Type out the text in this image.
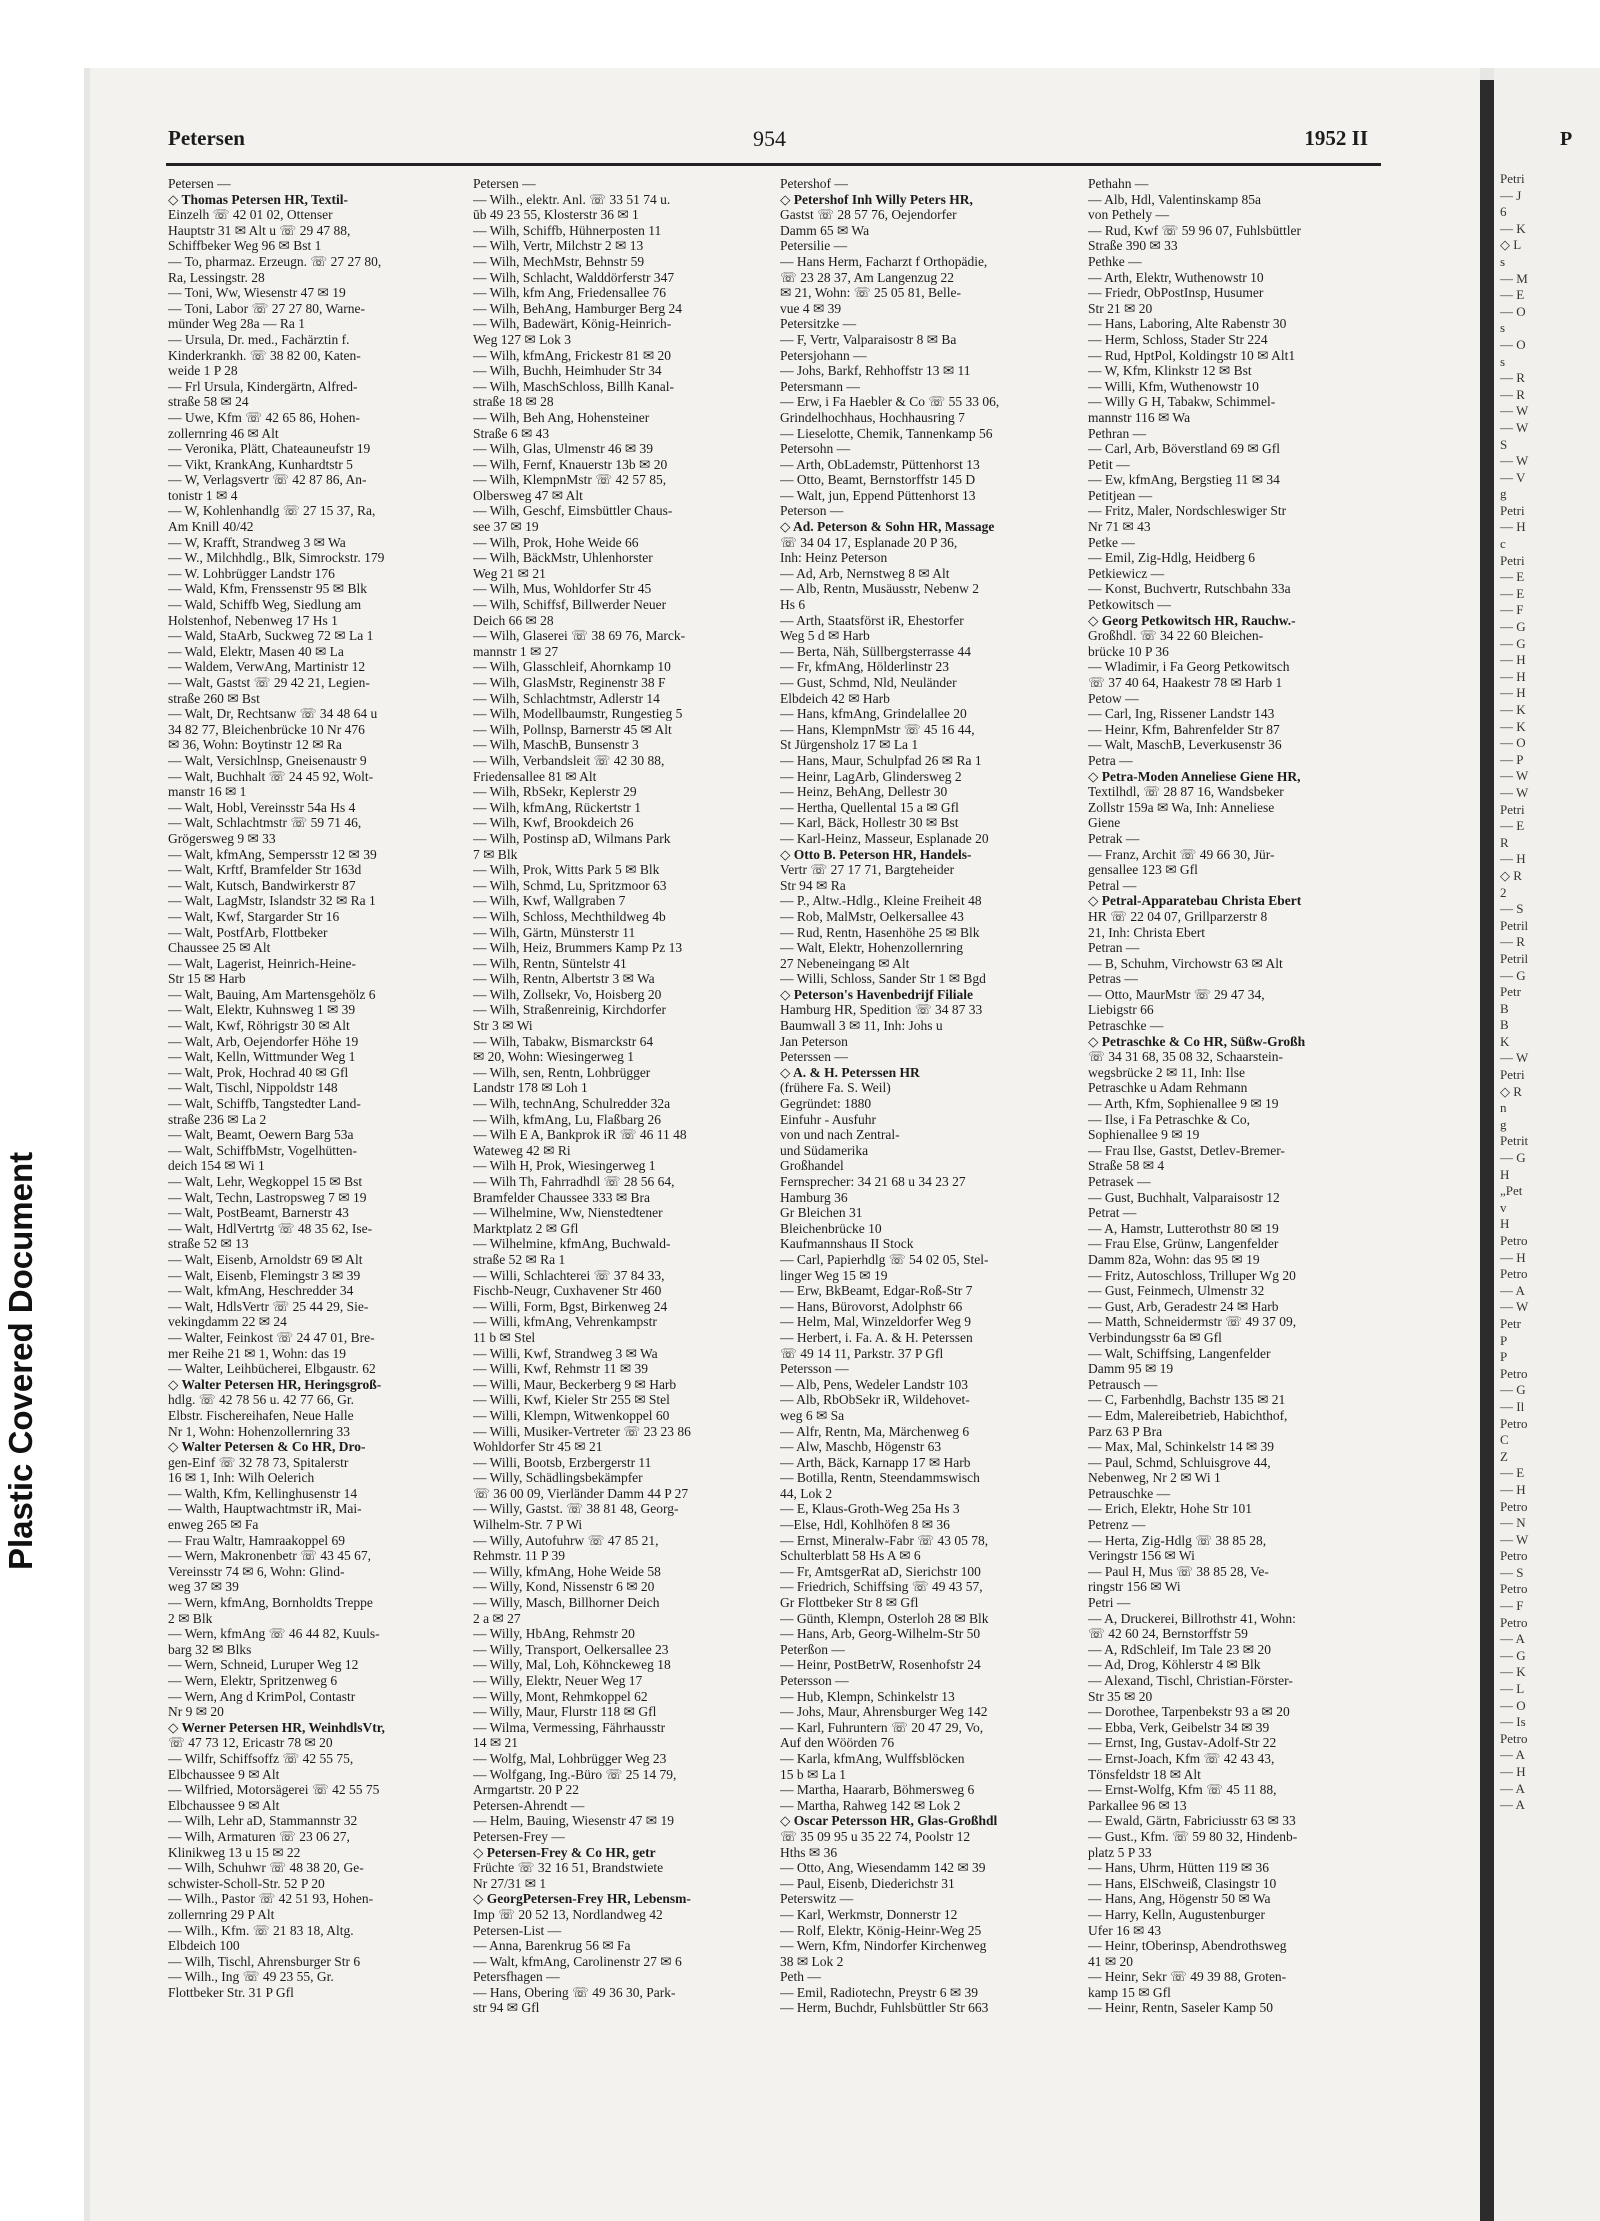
Plastic Covered Document
P
Petri
— J
6
— K
◇ L
s
— M
— E
— O
s
— O
s
— R
— R
— W
— W
S
— W
— V
g
Petri
— H
c
Petri
— E
— E
— F
— G
— G
— H
— H
— H
— K
— K
— O
— P
— W
— W
Petri
— E
R
— H
◇ R
2
— S
Petril
— R
Petril
— G
Petr
B
B
K
— W
Petri
◇ R
n
g
Petrit
— G
H
„Pet
v
H
Petro
— H
Petro
— A
— W
Petr
P
P
Petro
— G
— Il
Petro
C
Z
— E
— H
Petro
— N
— W
Petro
— S
Petro
— F
Petro
— A
— G
— K
— L
— O
— Is
Petro
— A
— H
— A
— A
Petersen	954	1952 II
Petersen —
◇ Thomas Petersen HR, Textil-
Einzelh ☏ 42 01 02, Ottenser
Hauptstr 31 ✉ Alt u ☏ 29 47 88,
Schiffbeker Weg 96 ✉ Bst 1
— To, pharmaz. Erzeugn. ☏ 27 27 80,
Ra, Lessingstr. 28
— Toni, Ww, Wiesenstr 47 ✉ 19
— Toni, Labor ☏ 27 27 80, Warne-
münder Weg 28a — Ra 1
— Ursula, Dr. med., Fachärztin f.
Kinderkrankh. ☏ 38 82 00, Katen-
weide 1 P 28
— Frl Ursula, Kindergärtn, Alfred-
straße 58 ✉ 24
— Uwe, Kfm ☏ 42 65 86, Hohen-
zollernring 46 ✉ Alt
— Veronika, Plätt, Chateauneufstr 19
— Vikt, KrankAng, Kunhardtstr 5
— W, Verlagsvertr ☏ 42 87 86, An-
tonistr 1 ✉ 4
— W, Kohlenhandlg ☏ 27 15 37, Ra,
Am Knill 40/42
— W, Krafft, Strandweg 3 ✉ Wa
— W., Milchhdlg., Blk, Simrockstr. 179
— W. Lohbrügger Landstr 176
— Wald, Kfm, Frenssenstr 95 ✉ Blk
— Wald, Schiffb Weg, Siedlung am
Holstenhof, Nebenweg 17 Hs 1
— Wald, StaArb, Suckweg 72 ✉ La 1
— Wald, Elektr, Masen 40 ✉ La
— Waldem, VerwAng, Martinistr 12
— Walt, Gastst ☏ 29 42 21, Legien-
straße 260 ✉ Bst
— Walt, Dr, Rechtsanw ☏ 34 48 64 u
34 82 77, Bleichenbrücke 10 Nr 476
✉ 36, Wohn: Boytinstr 12 ✉ Ra
— Walt, Versichlnsp, Gneisenaustr 9
— Walt, Buchhalt ☏ 24 45 92, Wolt-
manstr 16 ✉ 1
— Walt, Hobl, Vereinsstr 54a Hs 4
— Walt, Schlachtmstr ☏ 59 71 46,
Grögersweg 9 ✉ 33
— Walt, kfmAng, Sempersstr 12 ✉ 39
— Walt, Krftf, Bramfelder Str 163d
— Walt, Kutsch, Bandwirkerstr 87
— Walt, LagMstr, Islandstr 32 ✉ Ra 1
— Walt, Kwf, Stargarder Str 16
— Walt, PostfArb, Flottbeker
Chaussee 25 ✉ Alt
— Walt, Lagerist, Heinrich-Heine-
Str 15 ✉ Harb
— Walt, Bauing, Am Martensgehölz 6
— Walt, Elektr, Kuhnsweg 1 ✉ 39
— Walt, Kwf, Röhrigstr 30 ✉ Alt
— Walt, Arb, Oejendorfer Höhe 19
— Walt, Kelln, Wittmunder Weg 1
— Walt, Prok, Hochrad 40 ✉ Gfl
— Walt, Tischl, Nippoldstr 148
— Walt, Schiffb, Tangstedter Land-
straße 236 ✉ La 2
— Walt, Beamt, Oewern Barg 53a
— Walt, SchiffbMstr, Vogelhütten-
deich 154 ✉ Wi 1
— Walt, Lehr, Wegkoppel 15 ✉ Bst
— Walt, Techn, Lastropsweg 7 ✉ 19
— Walt, PostBeamt, Barnerstr 43
— Walt, HdlVertrtg ☏ 48 35 62, Ise-
straße 52 ✉ 13
— Walt, Eisenb, Arnoldstr 69 ✉ Alt
— Walt, Eisenb, Flemingstr 3 ✉ 39
— Walt, kfmAng, Heschredder 34
— Walt, HdlsVertr ☏ 25 44 29, Sie-
vekingdamm 22 ✉ 24
— Walter, Feinkost ☏ 24 47 01, Bre-
mer Reihe 21 ✉ 1, Wohn: das 19
— Walter, Leihbücherei, Elbgaustr. 62
◇ Walter Petersen HR, Heringsgroß-
hdlg. ☏ 42 78 56 u. 42 77 66, Gr.
Elbstr. Fischereihafen, Neue Halle
Nr 1, Wohn: Hohenzollernring 33
◇ Walter Petersen & Co HR, Dro-
gen-Einf ☏ 32 78 73, Spitalerstr
16 ✉ 1, Inh: Wilh Oelerich
— Walth, Kfm, Kellinghusenstr 14
— Walth, Hauptwachtmstr iR, Mai-
enweg 265 ✉ Fa
— Frau Waltr, Hamraakoppel 69
— Wern, Makronenbetr ☏ 43 45 67,
Vereinsstr 74 ✉ 6, Wohn: Glind-
weg 37 ✉ 39
— Wern, kfmAng, Bornholdts Treppe
2 ✉ Blk
— Wern, kfmAng ☏ 46 44 82, Kuuls-
barg 32 ✉ Blks
— Wern, Schneid, Luruper Weg 12
— Wern, Elektr, Spritzenweg 6
— Wern, Ang d KrimPol, Contastr
Nr 9 ✉ 20
◇ Werner Petersen HR, WeinhdlsVtr,
☏ 47 73 12, Ericastr 78 ✉ 20
— Wilfr, Schiffsoffz ☏ 42 55 75,
Elbchaussee 9 ✉ Alt
— Wilfried, Motorsägerei ☏ 42 55 75
Elbchaussee 9 ✉ Alt
— Wilh, Lehr aD, Stammannstr 32
— Wilh, Armaturen ☏ 23 06 27,
Klinikweg 13 u 15 ✉ 22
— Wilh, Schuhwr ☏ 48 38 20, Ge-
schwister-Scholl-Str. 52 P 20
— Wilh., Pastor ☏ 42 51 93, Hohen-
zollernring 29 P Alt
— Wilh., Kfm. ☏ 21 83 18, Altg.
Elbdeich 100
— Wilh, Tischl, Ahrensburger Str 6
— Wilh., Ing ☏ 49 23 55, Gr.
Flottbeker Str. 31 P Gfl
Petersen —
— Wilh., elektr. Anl. ☏ 33 51 74 u.
ūb 49 23 55, Klosterstr 36 ✉ 1
— Wilh, Schiffb, Hühnerposten 11
— Wilh, Vertr, Milchstr 2 ✉ 13
— Wilh, MechMstr, Behnstr 59
— Wilh, Schlacht, Walddörferstr 347
— Wilh, kfm Ang, Friedensallee 76
— Wilh, BehAng, Hamburger Berg 24
— Wilh, Badewärt, König-Heinrich-
Weg 127 ✉ Lok 3
— Wilh, kfmAng, Frickestr 81 ✉ 20
— Wilh, Buchh, Heimhuder Str 34
— Wilh, MaschSchloss, Billh Kanal-
straße 18 ✉ 28
— Wilh, Beh Ang, Hohensteiner
Straße 6 ✉ 43
— Wilh, Glas, Ulmenstr 46 ✉ 39
— Wilh, Fernf, Knauerstr 13b ✉ 20
— Wilh, KlempnMstr ☏ 42 57 85,
Olbersweg 47 ✉ Alt
— Wilh, Geschf, Eimsbüttler Chaus-
see 37 ✉ 19
— Wilh, Prok, Hohe Weide 66
— Wilh, BäckMstr, Uhlenhorster
Weg 21 ✉ 21
— Wilh, Mus, Wohldorfer Str 45
— Wilh, Schiffsf, Billwerder Neuer
Deich 66 ✉ 28
— Wilh, Glaserei ☏ 38 69 76, Marck-
mannstr 1 ✉ 27
— Wilh, Glasschleif, Ahornkamp 10
— Wilh, GlasMstr, Reginenstr 38 F
— Wilh, Schlachtmstr, Adlerstr 14
— Wilh, Modellbaumstr, Rungestieg 5
— Wilh, Pollnsp, Barnerstr 45 ✉ Alt
— Wilh, MaschB, Bunsenstr 3
— Wilh, Verbandsleit ☏ 42 30 88,
Friedensallee 81 ✉ Alt
— Wilh, RbSekr, Keplerstr 29
— Wilh, kfmAng, Rückertstr 1
— Wilh, Kwf, Brookdeich 26
— Wilh, Postinsp aD, Wilmans Park
7 ✉ Blk
— Wilh, Prok, Witts Park 5 ✉ Blk
— Wilh, Schmd, Lu, Spritzmoor 63
— Wilh, Kwf, Wallgraben 7
— Wilh, Schloss, Mechthildweg 4b
— Wilh, Gärtn, Münsterstr 11
— Wilh, Heiz, Brummers Kamp Pz 13
— Wilh, Rentn, Süntelstr 41
— Wilh, Rentn, Albertstr 3 ✉ Wa
— Wilh, Zollsekr, Vo, Hoisberg 20
— Wilh, Straßenreinig, Kirchdorfer
Str 3 ✉ Wi
— Wilh, Tabakw, Bismarckstr 64
✉ 20, Wohn: Wiesingerweg 1
— Wilh, sen, Rentn, Lohbrügger
Landstr 178 ✉ Loh 1
— Wilh, technAng, Schulredder 32a
— Wilh, kfmAng, Lu, Flaßbarg 26
— Wilh E A, Bankprok iR ☏ 46 11 48
Wateweg 42 ✉ Ri
— Wilh H, Prok, Wiesingerweg 1
— Wilh Th, Fahrradhdl ☏ 28 56 64,
Bramfelder Chaussee 333 ✉ Bra
— Wilhelmine, Ww, Nienstedtener
Marktplatz 2 ✉ Gfl
— Wilhelmine, kfmAng, Buchwald-
straße 52 ✉ Ra 1
— Willi, Schlachterei ☏ 37 84 33,
Fischb-Neugr, Cuxhavener Str 460
— Willi, Form, Bgst, Birkenweg 24
— Willi, kfmAng, Vehrenkampstr
11 b ✉ Stel
— Willi, Kwf, Strandweg 3 ✉ Wa
— Willi, Kwf, Rehmstr 11 ✉ 39
— Willi, Maur, Beckerberg 9 ✉ Harb
— Willi, Kwf, Kieler Str 255 ✉ Stel
— Willi, Klempn, Witwenkoppel 60
— Willi, Musiker-Vertreter ☏ 23 23 86
Wohldorfer Str 45 ✉ 21
— Willi, Bootsb, Erzbergerstr 11
— Willy, Schädlingsbekämpfer
☏ 36 00 09, Vierländer Damm 44 P 27
— Willy, Gastst. ☏ 38 81 48, Georg-
Wilhelm-Str. 7 P Wi
— Willy, Autofuhrw ☏ 47 85 21,
Rehmstr. 11 P 39
— Willy, kfmAng, Hohe Weide 58
— Willy, Kond, Nissenstr 6 ✉ 20
— Willy, Masch, Billhorner Deich
2 a ✉ 27
— Willy, HbAng, Rehmstr 20
— Willy, Transport, Oelkersallee 23
— Willy, Mal, Loh, Köhnckeweg 18
— Willy, Elektr, Neuer Weg 17
— Willy, Mont, Rehmkoppel 62
— Willy, Maur, Flurstr 118 ✉ Gfl
— Wilma, Vermessing, Fährhausstr
14 ✉ 21
— Wolfg, Mal, Lohbrügger Weg 23
— Wolfgang, Ing.-Büro ☏ 25 14 79,
Armgartstr. 20 P 22
Petersen-Ahrendt —
— Helm, Bauing, Wiesenstr 47 ✉ 19
Petersen-Frey —
◇ Petersen-Frey & Co HR, getr
Früchte ☏ 32 16 51, Brandstwiete
Nr 27/31 ✉ 1
◇ GeorgPetersen-Frey HR, Lebensm-
Imp ☏ 20 52 13, Nordlandweg 42
Petersen-List —
— Anna, Barenkrug 56 ✉ Fa
— Walt, kfmAng, Carolinenstr 27 ✉ 6
Petersfhagen —
— Hans, Obering ☏ 49 36 30, Park-
str 94 ✉ Gfl
Petershof —
◇ Petershof Inh Willy Peters HR,
Gastst ☏ 28 57 76, Oejendorfer
Damm 65 ✉ Wa
Petersilie —
— Hans Herm, Facharzt f Orthopädie,
☏ 23 28 37, Am Langenzug 22
✉ 21, Wohn: ☏ 25 05 81, Belle-
vue 4 ✉ 39
Petersitzke —
— F, Vertr, Valparaisostr 8 ✉ Ba
Petersjohann —
— Johs, Barkf, Rehhoffstr 13 ✉ 11
Petersmann —
— Erw, i Fa Haebler & Co ☏ 55 33 06,
Grindelhochhaus, Hochhausring 7
— Lieselotte, Chemik, Tannenkamp 56
Petersohn —
— Arth, ObLademstr, Püttenhorst 13
— Otto, Beamt, Bernstorffstr 145 D
— Walt, jun, Eppend Püttenhorst 13
Peterson —
◇ Ad. Peterson & Sohn HR, Massage
☏ 34 04 17, Esplanade 20 P 36,
Inh: Heinz Peterson
— Ad, Arb, Nernstweg 8 ✉ Alt
— Alb, Rentn, Musäusstr, Nebenw 2
Hs 6
— Arth, Staatsförst iR, Ehestorfer
Weg 5 d ✉ Harb
— Berta, Näh, Süllbergsterrasse 44
— Fr, kfmAng, Hölderlinstr 23
— Gust, Schmd, Nld, Neuländer
Elbdeich 42 ✉ Harb
— Hans, kfmAng, Grindelallee 20
— Hans, KlempnMstr ☏ 45 16 44,
St Jürgensholz 17 ✉ La 1
— Hans, Maur, Schulpfad 26 ✉ Ra 1
— Heinr, LagArb, Glindersweg 2
— Heinz, BehAng, Dellestr 30
— Hertha, Quellental 15 a ✉ Gfl
— Karl, Bäck, Hollestr 30 ✉ Bst
— Karl-Heinz, Masseur, Esplanade 20
◇ Otto B. Peterson HR, Handels-
Vertr ☏ 27 17 71, Bargteheider
Str 94 ✉ Ra
— P., Altw.-Hdlg., Kleine Freiheit 48
— Rob, MalMstr, Oelkersallee 43
— Rud, Rentn, Hasenhöhe 25 ✉ Blk
— Walt, Elektr, Hohenzollernring
27 Nebeneingang ✉ Alt
— Willi, Schloss, Sander Str 1 ✉ Bgd
◇ Peterson's Havenbedrijf Filiale
Hamburg HR, Spedition ☏ 34 87 33
Baumwall 3 ✉ 11, Inh: Johs u
Jan Peterson
Peterssen —
◇ A. & H. Peterssen HR
(frühere Fa. S. Weil)
Gegründet: 1880
Einfuhr - Ausfuhr
von und nach Zentral-
und Südamerika
Großhandel
Fernsprecher: 34 21 68 u 34 23 27
Hamburg 36
Gr Bleichen 31
Bleichenbrücke 10
Kaufmannshaus II Stock
— Carl, Papierhdlg ☏ 54 02 05, Stel-
linger Weg 15 ✉ 19
— Erw, BkBeamt, Edgar-Roß-Str 7
— Hans, Bürovorst, Adolphstr 66
— Helm, Mal, Winzeldorfer Weg 9
— Herbert, i. Fa. A. & H. Peterssen
☏ 49 14 11, Parkstr. 37 P Gfl
Petersson —
— Alb, Pens, Wedeler Landstr 103
— Alb, RbObSekr iR, Wildehovet-
weg 6 ✉ Sa
— Alfr, Rentn, Ma, Märchenweg 6
— Alw, Maschb, Högenstr 63
— Arth, Bäck, Karnapp 17 ✉ Harb
— Botilla, Rentn, Steendammswisch
44, Lok 2
— E, Klaus-Groth-Weg 25a Hs 3
—Else, Hdl, Kohlhöfen 8 ✉ 36
— Ernst, Mineralw-Fabr ☏ 43 05 78,
Schulterblatt 58 Hs A ✉ 6
— Fr, AmtsgerRat aD, Sierichstr 100
— Friedrich, Schiffsing ☏ 49 43 57,
Gr Flottbeker Str 8 ✉ Gfl
— Günth, Klempn, Osterloh 28 ✉ Blk
— Hans, Arb, Georg-Wilhelm-Str 50
Peterßon —
— Heinr, PostBetrW, Rosenhofstr 24
Petersson —
— Hub, Klempn, Schinkelstr 13
— Johs, Maur, Ahrensburger Weg 142
— Karl, Fuhruntern ☏ 20 47 29, Vo,
Auf den Wöörden 76
— Karla, kfmAng, Wulffsblöcken
15 b ✉ La 1
— Martha, Haararb, Böhmersweg 6
— Martha, Rahweg 142 ✉ Lok 2
◇ Oscar Petersson HR, Glas-Großhdl
☏ 35 09 95 u 35 22 74, Poolstr 12
Hths ✉ 36
— Otto, Ang, Wiesendamm 142 ✉ 39
— Paul, Eisenb, Diederichstr 31
Peterswitz —
— Karl, Werkmstr, Donnerstr 12
— Rolf, Elektr, König-Heinr-Weg 25
— Wern, Kfm, Nindorfer Kirchenweg
38 ✉ Lok 2
Peth —
— Emil, Radiotechn, Preystr 6 ✉ 39
— Herm, Buchdr, Fuhlsbüttler Str 663
Pethahn —
— Alb, Hdl, Valentinskamp 85a
von Pethely —
— Rud, Kwf ☏ 59 96 07, Fuhlsbüttler
Straße 390 ✉ 33
Pethke —
— Arth, Elektr, Wuthenowstr 10
— Friedr, ObPostInsp, Husumer
Str 21 ✉ 20
— Hans, Laboring, Alte Rabenstr 30
— Herm, Schloss, Stader Str 224
— Rud, HptPol, Koldingstr 10 ✉ Alt1
— W, Kfm, Klinkstr 12 ✉ Bst
— Willi, Kfm, Wuthenowstr 10
— Willy G H, Tabakw, Schimmel-
mannstr 116 ✉ Wa
Pethran —
— Carl, Arb, Böverstland 69 ✉ Gfl
Petit —
— Ew, kfmAng, Bergstieg 11 ✉ 34
Petitjean —
— Fritz, Maler, Nordschleswiger Str
Nr 71 ✉ 43
Petke —
— Emil, Zig-Hdlg, Heidberg 6
Petkiewicz —
— Konst, Buchvertr, Rutschbahn 33a
Petkowitsch —
◇ Georg Petkowitsch HR, Rauchw.-
Großhdl. ☏ 34 22 60 Bleichen-
brücke 10 P 36
— Wladimir, i Fa Georg Petkowitsch
☏ 37 40 64, Haakestr 78 ✉ Harb 1
Petow —
— Carl, Ing, Rissener Landstr 143
— Heinr, Kfm, Bahrenfelder Str 87
— Walt, MaschB, Leverkusenstr 36
Petra —
◇ Petra-Moden Anneliese Giene HR,
Textilhdl, ☏ 28 87 16, Wandsbeker
Zollstr 159a ✉ Wa, Inh: Anneliese
Giene
Petrak —
— Franz, Archit ☏ 49 66 30, Jür-
gensallee 123 ✉ Gfl
Petral —
◇ Petral-Apparatebau Christa Ebert
HR ☏ 22 04 07, Grillparzerstr 8
21, Inh: Christa Ebert
Petran —
— B, Schuhm, Virchowstr 63 ✉ Alt
Petras —
— Otto, MaurMstr ☏ 29 47 34,
Liebigstr 66
Petraschke —
◇ Petraschke & Co HR, Süßw-Großh
☏ 34 31 68, 35 08 32, Schaarstein-
wegsbrücke 2 ✉ 11, Inh: Ilse
Petraschke u Adam Rehmann
— Arth, Kfm, Sophienallee 9 ✉ 19
— Ilse, i Fa Petraschke & Co,
Sophienallee 9 ✉ 19
— Frau Ilse, Gastst, Detlev-Bremer-
Straße 58 ✉ 4
Petrasek —
— Gust, Buchhalt, Valparaisostr 12
Petrat —
— A, Hamstr, Lutterothstr 80 ✉ 19
— Frau Else, Grünw, Langenfelder
Damm 82a, Wohn: das 95 ✉ 19
— Fritz, Autoschloss, Trilluper Wg 20
— Gust, Feinmech, Ulmenstr 32
— Gust, Arb, Geradestr 24 ✉ Harb
— Matth, Schneidermstr ☏ 49 37 09,
Verbindungsstr 6a ✉ Gfl
— Walt, Schiffsing, Langenfelder
Damm 95 ✉ 19
Petrausch —
— C, Farbenhdlg, Bachstr 135 ✉ 21
— Edm, Malereibetrieb, Habichthof,
Parz 63 P Bra
— Max, Mal, Schinkelstr 14 ✉ 39
— Paul, Schmd, Schluisgrove 44,
Nebenweg, Nr 2 ✉ Wi 1
Petrauschke —
— Erich, Elektr, Hohe Str 101
Petrenz —
— Herta, Zig-Hdlg ☏ 38 85 28,
Veringstr 156 ✉ Wi
— Paul H, Mus ☏ 38 85 28, Ve-
ringstr 156 ✉ Wi
Petri —
— A, Druckerei, Billrothstr 41, Wohn:
☏ 42 60 24, Bernstorffstr 59
— A, RdSchleif, Im Tale 23 ✉ 20
— Ad, Drog, Köhlerstr 4 ✉ Blk
— Alexand, Tischl, Christian-Förster-
Str 35 ✉ 20
— Dorothee, Tarpenbekstr 93 a ✉ 20
— Ebba, Verk, Geibelstr 34 ✉ 39
— Ernst, Ing, Gustav-Adolf-Str 22
— Ernst-Joach, Kfm ☏ 42 43 43,
Tönsfeldstr 18 ✉ Alt
— Ernst-Wolfg, Kfm ☏ 45 11 88,
Parkallee 96 ✉ 13
— Ewald, Gärtn, Fabriciusstr 63 ✉ 33
— Gust., Kfm. ☏ 59 80 32, Hindenb-
platz 5 P 33
— Hans, Uhrm, Hütten 119 ✉ 36
— Hans, ElSchweiß, Clasingstr 10
— Hans, Ang, Högenstr 50 ✉ Wa
— Harry, Kelln, Augustenburger
Ufer 16 ✉ 43
— Heinr, tOberinsp, Abendrothsweg
41 ✉ 20
— Heinr, Sekr ☏ 49 39 88, Groten-
kamp 15 ✉ Gfl
— Heinr, Rentn, Saseler Kamp 50
